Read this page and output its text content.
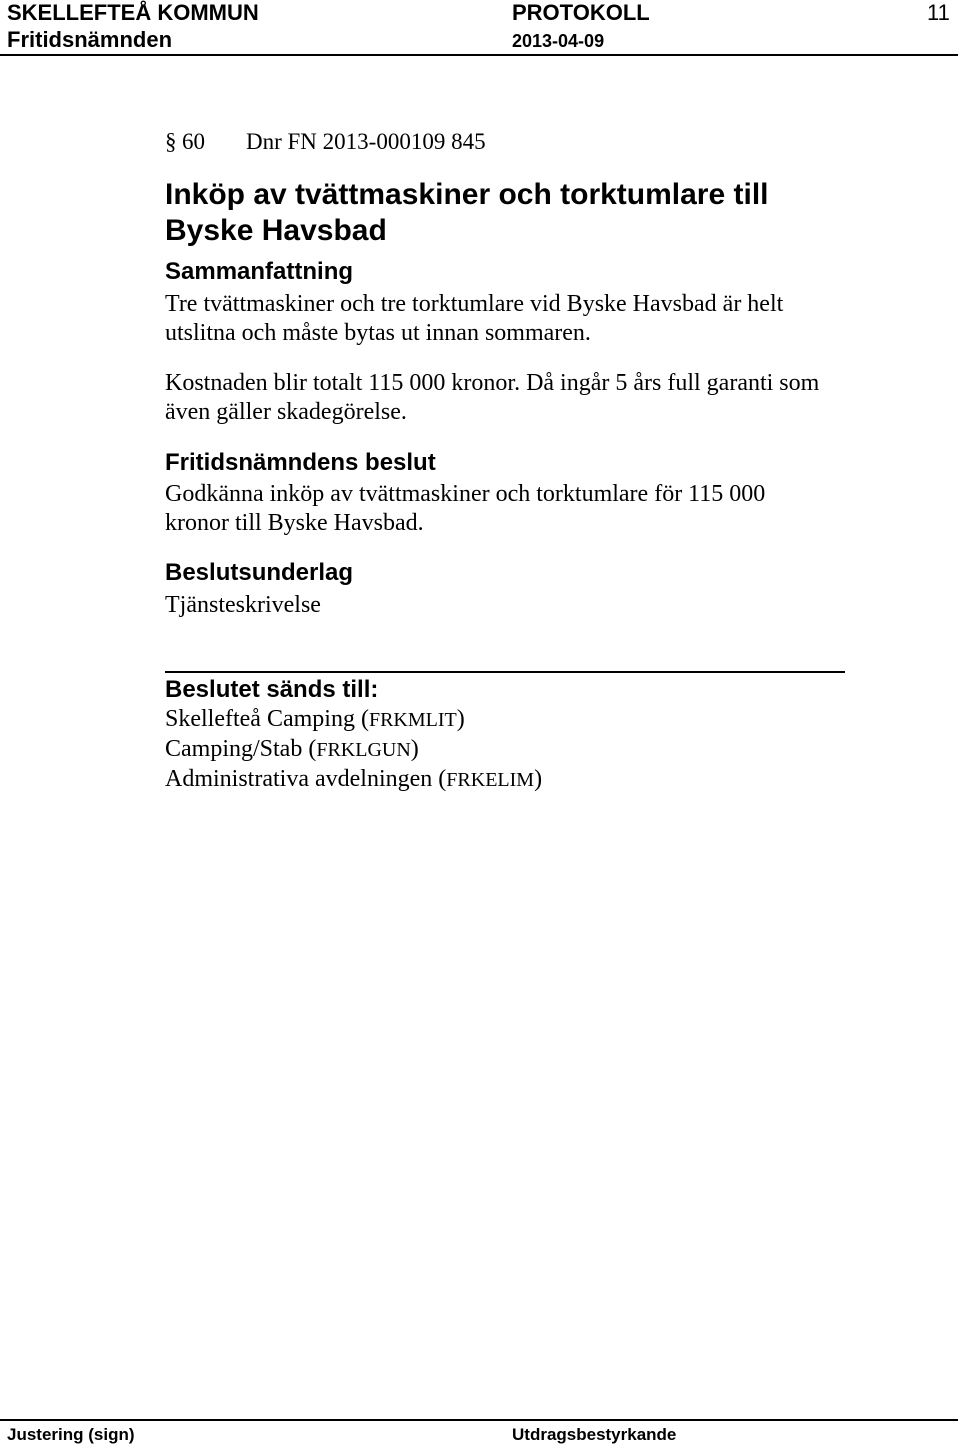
SKELLEFTEÅ KOMMUN	PROTOKOLL	11
Fritidsnämnden	2013-04-09
§ 60 Dnr FN 2013-000109 845
Inköp av tvättmaskiner och torktumlare till
Byske Havsbad
Sammanfattning
Tre tvättmaskiner och tre torktumlare vid Byske Havsbad är helt
utslitna och måste bytas ut innan sommaren.
Kostnaden blir totalt 115 000 kronor. Då ingår 5 års full garanti som
även gäller skadegörelse.
Fritidsnämndens beslut
Godkänna inköp av tvättmaskiner och torktumlare för 115 000
kronor till Byske Havsbad.
Beslutsunderlag
Tjänsteskrivelse
Beslutet sänds till:
Skellefteå Camping (FRKMLIT)
Camping/Stab (FRKLGUN)
Administrativa avdelningen (FRKELIM)
Justering (sign)	Utdragsbestyrkande
